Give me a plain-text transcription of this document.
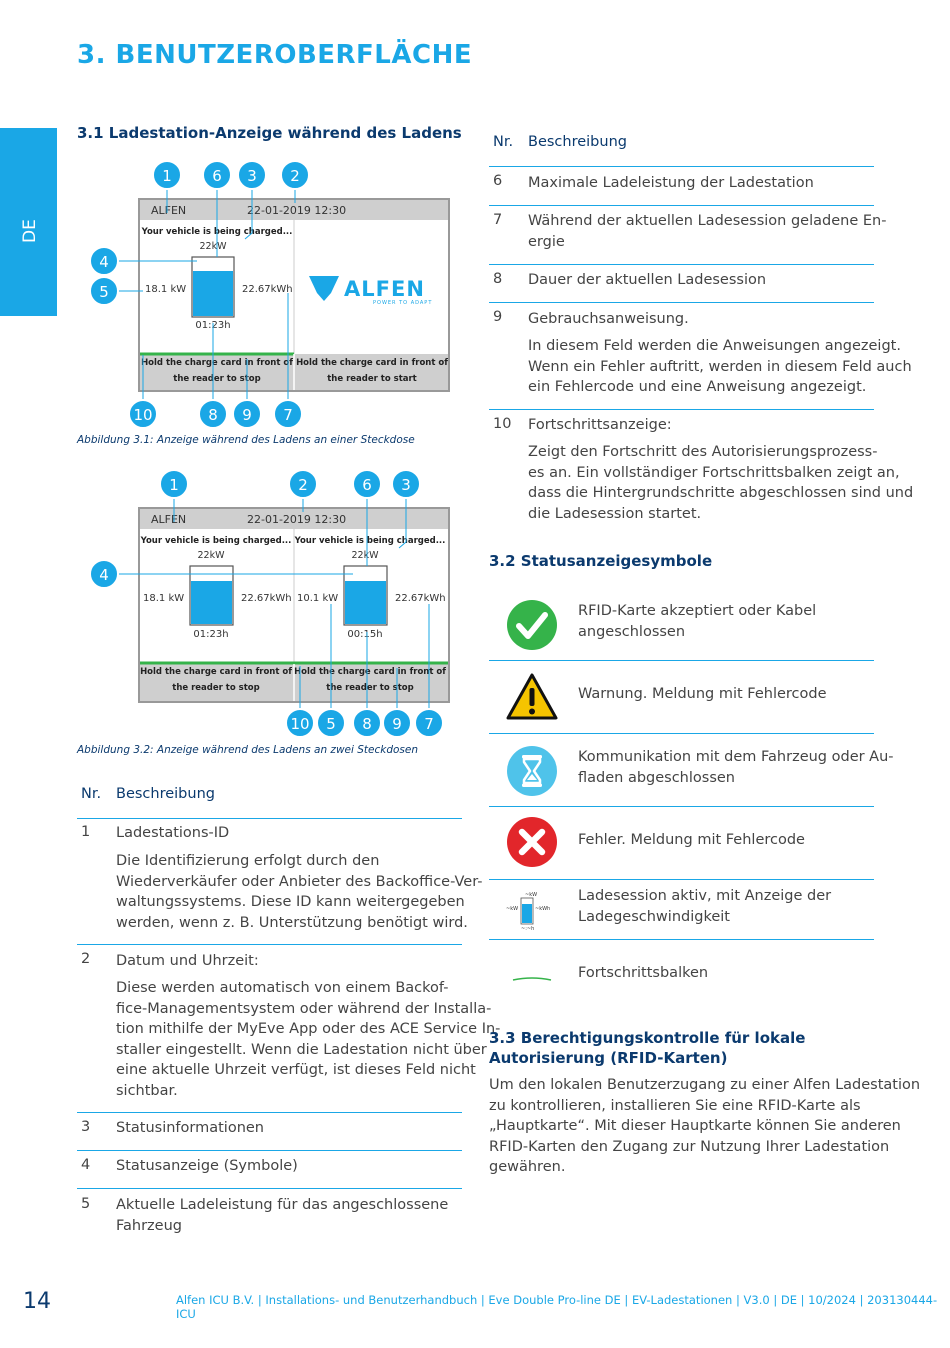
3. BENUTZEROBERFLÄCHE
DE
3.1 Ladestation-Anzeige während des Ladens
ALFEN	22-01-2019 12:30
Your vehicle is being charged...
22kW
18.1 kW	22.67kWh
01:23h
ALFEN
POWER TO ADAPT
Hold the charge card in front of
the reader to stop
Hold the charge card in front of
the reader to start
1	6 3 2
4
5
10	8 9 7
Abbildung 3.1: Anzeige während des Ladens an einer Steckdose
ALFEN	22-01-2019 12:30
Your vehicle is being charged...
22kW
18.1 kW	22.67kWh
01:23h
Your vehicle is being charged...
22kW
10.1 kW	22.67kWh
00:15h
Hold the charge card in front of
the reader to stop
Hold the charge card in front of
the reader to stop
1	2	6 3
4
10 5 8 9 7
Abbildung 3.2: Anzeige während des Ladens an zwei Steckdosen
Nr. Beschreibung
1 Ladestations-ID
Die Identifizierung erfolgt durch den
Wiederverkäufer oder Anbieter des Backoffice-Ver-
waltungssystems. Diese ID kann weitergegeben
werden, wenn z. B. Unterstützung benötigt wird.
2 Datum und Uhrzeit:
Diese werden automatisch von einem Backof-
fice-Managementsystem oder während der Installa-
tion mithilfe der MyEve App oder des ACE Service In-
staller eingestellt. Wenn die Ladestation nicht über
eine aktuelle Uhrzeit verfügt, ist dieses Feld nicht
sichtbar.
3 Statusinformationen
4 Statusanzeige (Symbole)
5 Aktuelle Ladeleistung für das angeschlossene
Fahrzeug
Nr. Beschreibung
6 Maximale Ladeleistung der Ladestation
7 Während der aktuellen Ladesession geladene En-
ergie
8 Dauer der aktuellen Ladesession
9 Gebrauchsanweisung.
In diesem Feld werden die Anweisungen angezeigt.
Wenn ein Fehler auftritt, werden in diesem Feld auch
ein Fehlercode und eine Anweisung angezeigt.
10 Fortschrittsanzeige:
Zeigt den Fortschritt des Autorisierungsprozess-
es an. Ein vollständiger Fortschrittsbalken zeigt an,
dass die Hintergrundschritte abgeschlossen sind und
die Ladesession startet.
3.2 Statusanzeigesymbole
RFID-Karte akzeptiert oder Kabel
angeschlossen
Warnung. Meldung mit Fehlercode
Kommunikation mit dem Fahrzeug oder Au-
fladen abgeschlossen
Fehler. Meldung mit Fehlercode
~kW
~kW	~kWh
~:~h
Ladesession aktiv, mit Anzeige der
Ladegeschwindigkeit
Fortschrittsbalken
3.3 Berechtigungskontrolle für lokale
Autorisierung (RFID-Karten)
Um den lokalen Benutzerzugang zu einer Alfen Ladestation
zu kontrollieren, installieren Sie eine RFID-Karte als
„Hauptkarte“. Mit dieser Hauptkarte können Sie anderen
RFID-Karten den Zugang zur Nutzung Ihrer Ladestation
gewähren.
14	Alfen ICU B.V. | Installations- und Benutzerhandbuch | Eve Double Pro-line DE | EV-Ladestationen | V3.0 | DE | 10/2024 | 203130444-ICU
